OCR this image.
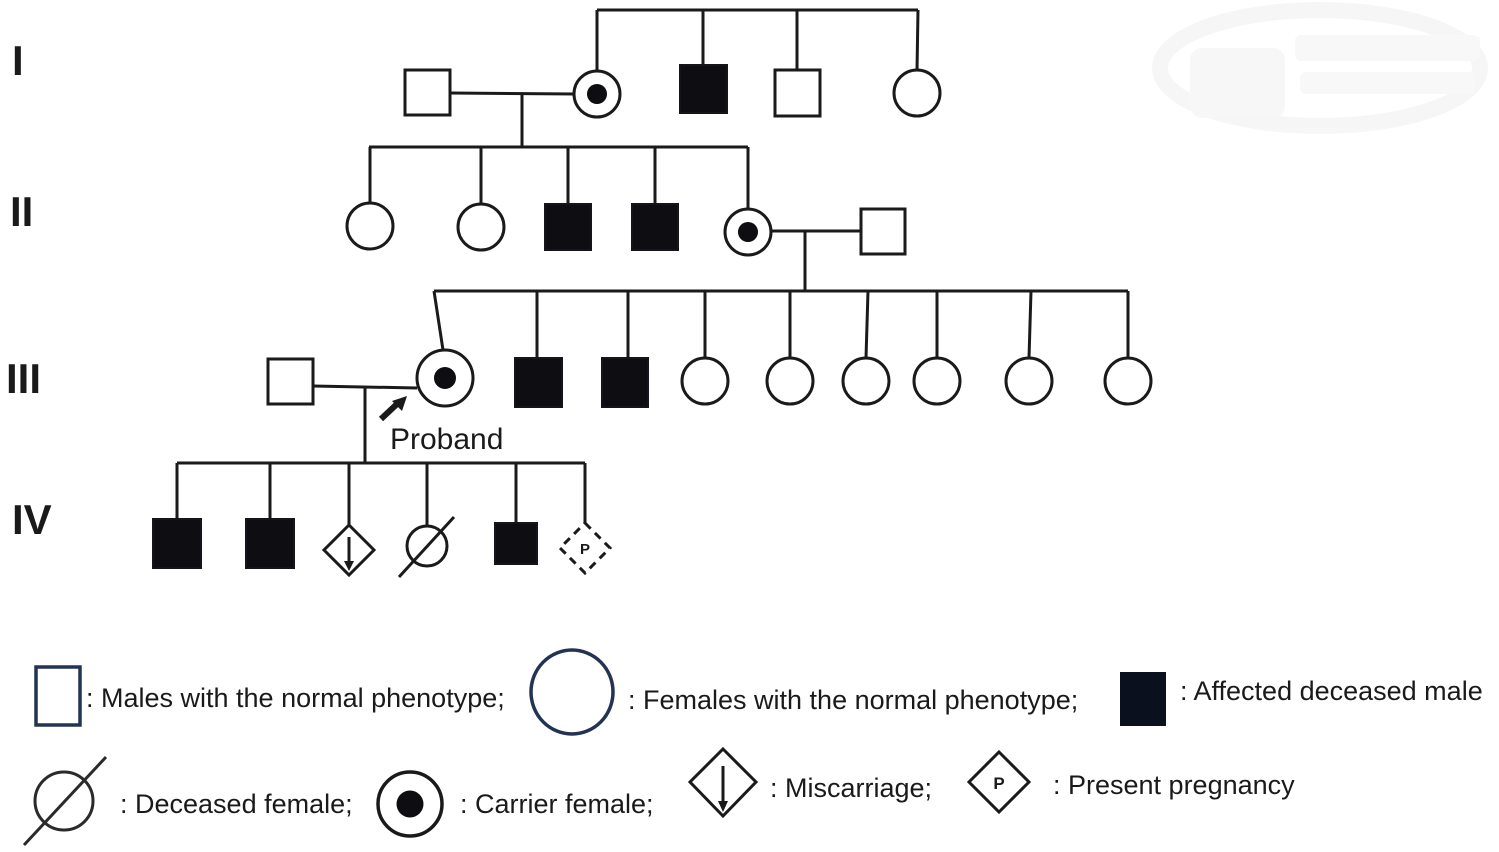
I
II
III
IV
Proband
P
: Males with the normal phenotype;	: Females with the normal phenotype;	: Affected deceased male
: Deceased female;	: Carrier female;
: Miscarriage;	P : Present pregnancy
